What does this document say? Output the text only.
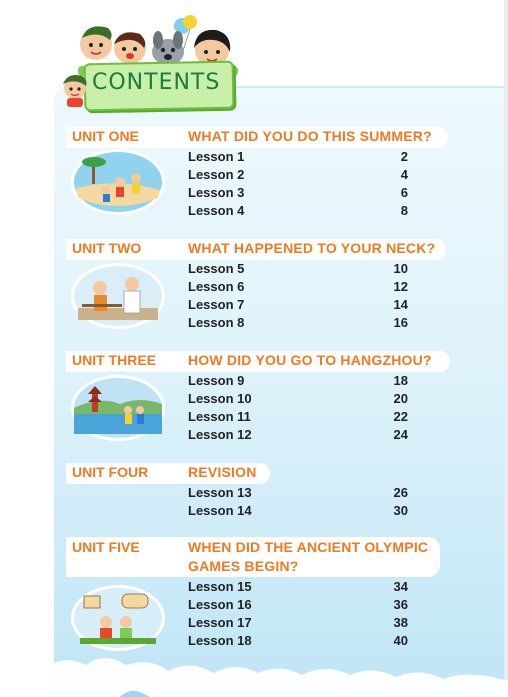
CONTENTS
UNIT ONE	WHAT DID YOU DO THIS SUMMER?
Lesson 1	2
Lesson 2	4
Lesson 3	6
Lesson 4	8
UNIT TWO	WHAT HAPPENED TO YOUR NECK?
Lesson 5	10
Lesson 6	12
Lesson 7	14
Lesson 8	16
UNIT THREE HOW DID YOU GO TO HANGZHOU?
Lesson 9	18
Lesson 10	20
Lesson 11	22
Lesson 12	24
UNIT FOUR	REVISION
Lesson 13	26
Lesson 14	30
UNIT FIVE	WHEN DID THE ANCIENT OLYMPIC
GAMES BEGIN?
Lesson 15	34
Lesson 16	36
Lesson 17	38
Lesson 18	40
